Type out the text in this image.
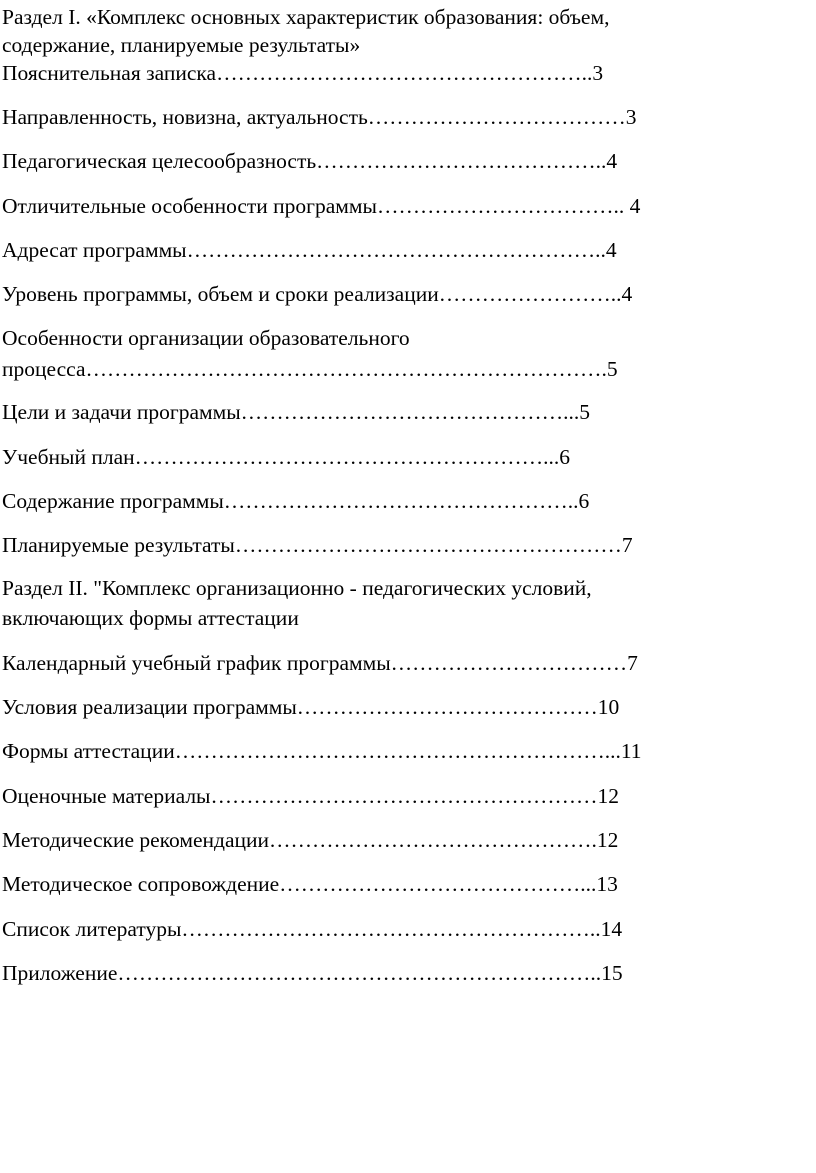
Раздел I. «Комплекс основных характеристик образования: объем,

содержание, планируемые результаты»

Пояснительная записка……………………………………………..3

Направленность, новизна, актуальность………………………………3

Педагогическая целесообразность…………………………………..4

Отличительные особенности программы…………………………….. 4

Адресат программы…………………………………………………..4

Уровень программы, объем и сроки реализации……………………..4

Особенности организации образовательного

процесса……………………………………………………………….5

Цели и задачи программы………………………………………...5

Учебный план…………………………………………………...6

Содержание программы…………………………………………..6

Планируемые результаты………………………………………………7

Раздел II. "Комплекс организационно - педагогических условий,

включающих формы аттестации

Календарный учебный график программы……………………………7

Условия реализации программы……………………………………10

Формы аттестации……………………………………………………...11

Оценочные материалы………………………………………………12

Методические рекомендации……………………………………….12

Методическое сопровождение……………………………………...13

Список литературы…………………………………………………..14

Приложение…………………………………………………………..15
